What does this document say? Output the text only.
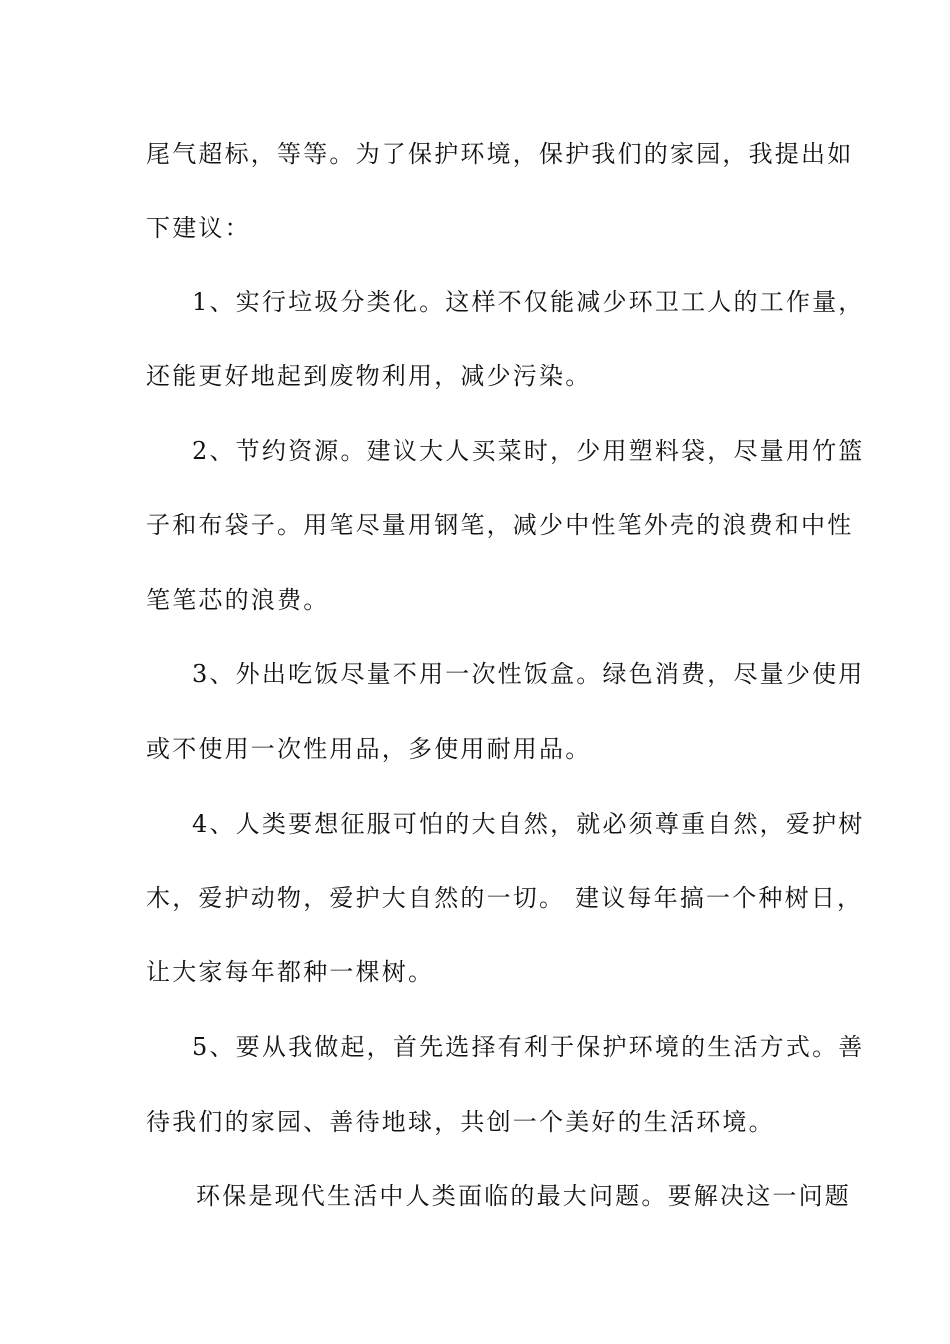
尾气超标，等等。为了保护环境，保护我们的家园，我提出如
下建议：
1、实行垃圾分类化。这样不仅能减少环卫工人的工作量，
还能更好地起到废物利用，减少污染。
2、节约资源。建议大人买菜时，少用塑料袋，尽量用竹篮
子和布袋子。用笔尽量用钢笔，减少中性笔外壳的浪费和中性
笔笔芯的浪费。
3、外出吃饭尽量不用一次性饭盒。绿色消费，尽量少使用
或不使用一次性用品，多使用耐用品。
4、人类要想征服可怕的大自然，就必须尊重自然，爱护树
木，爱护动物，爱护大自然的一切。 建议每年搞一个种树日，
让大家每年都种一棵树。
5、要从我做起，首先选择有利于保护环境的生活方式。善
待我们的家园、善待地球，共创一个美好的生活环境。
环保是现代生活中人类面临的最大问题。要解决这一问题
